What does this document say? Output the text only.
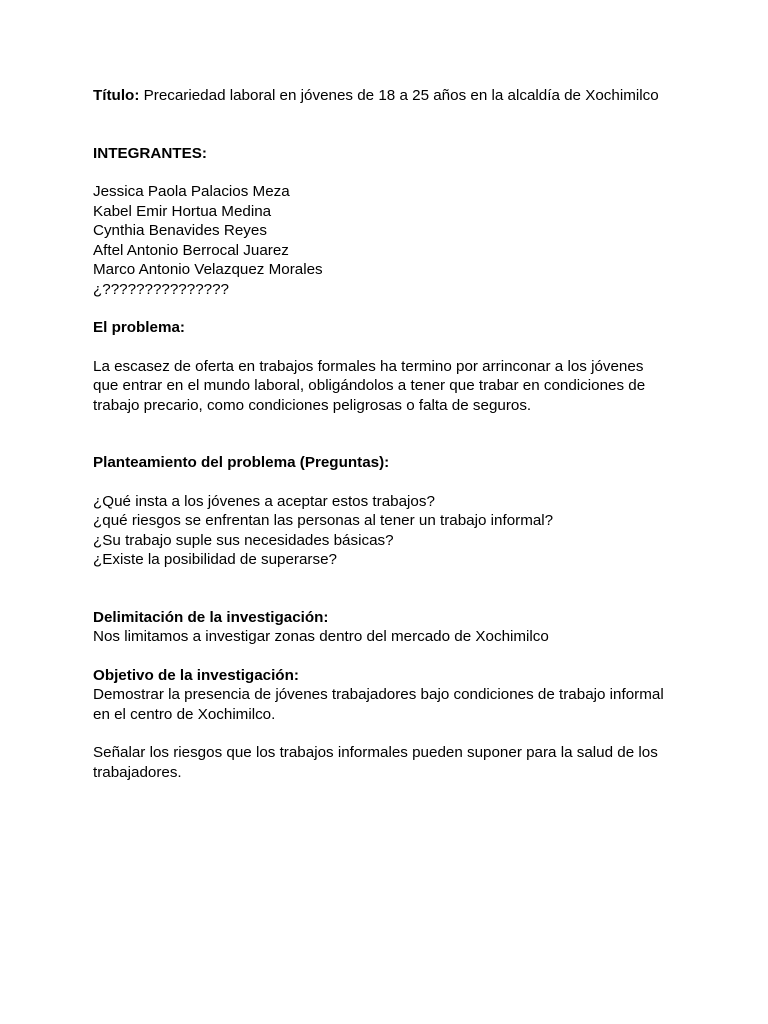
Título: Precariedad laboral en jóvenes de 18 a 25 años en la alcaldía de Xochimilco

INTEGRANTES:

Jessica Paola Palacios Meza

Kabel Emir Hortua Medina

Cynthia Benavides Reyes

Aftel Antonio Berrocal Juarez

Marco Antonio Velazquez Morales

¿???????????????

El problema:

La escasez de oferta en trabajos formales ha termino por arrinconar a los jóvenes

que entrar en el mundo laboral, obligándolos a tener que trabar en condiciones de

trabajo precario, como condiciones peligrosas o falta de seguros.

Planteamiento del problema (Preguntas):

¿Qué insta a los jóvenes a aceptar estos trabajos?

¿qué riesgos se enfrentan las personas al tener un trabajo informal?

¿Su trabajo suple sus necesidades básicas?

¿Existe la posibilidad de superarse?

Delimitación de la investigación:

Nos limitamos a investigar zonas dentro del mercado de Xochimilco

Objetivo de la investigación:

Demostrar la presencia de jóvenes trabajadores bajo condiciones de trabajo informal

en el centro de Xochimilco.

Señalar los riesgos que los trabajos informales pueden suponer para la salud de los

trabajadores.
